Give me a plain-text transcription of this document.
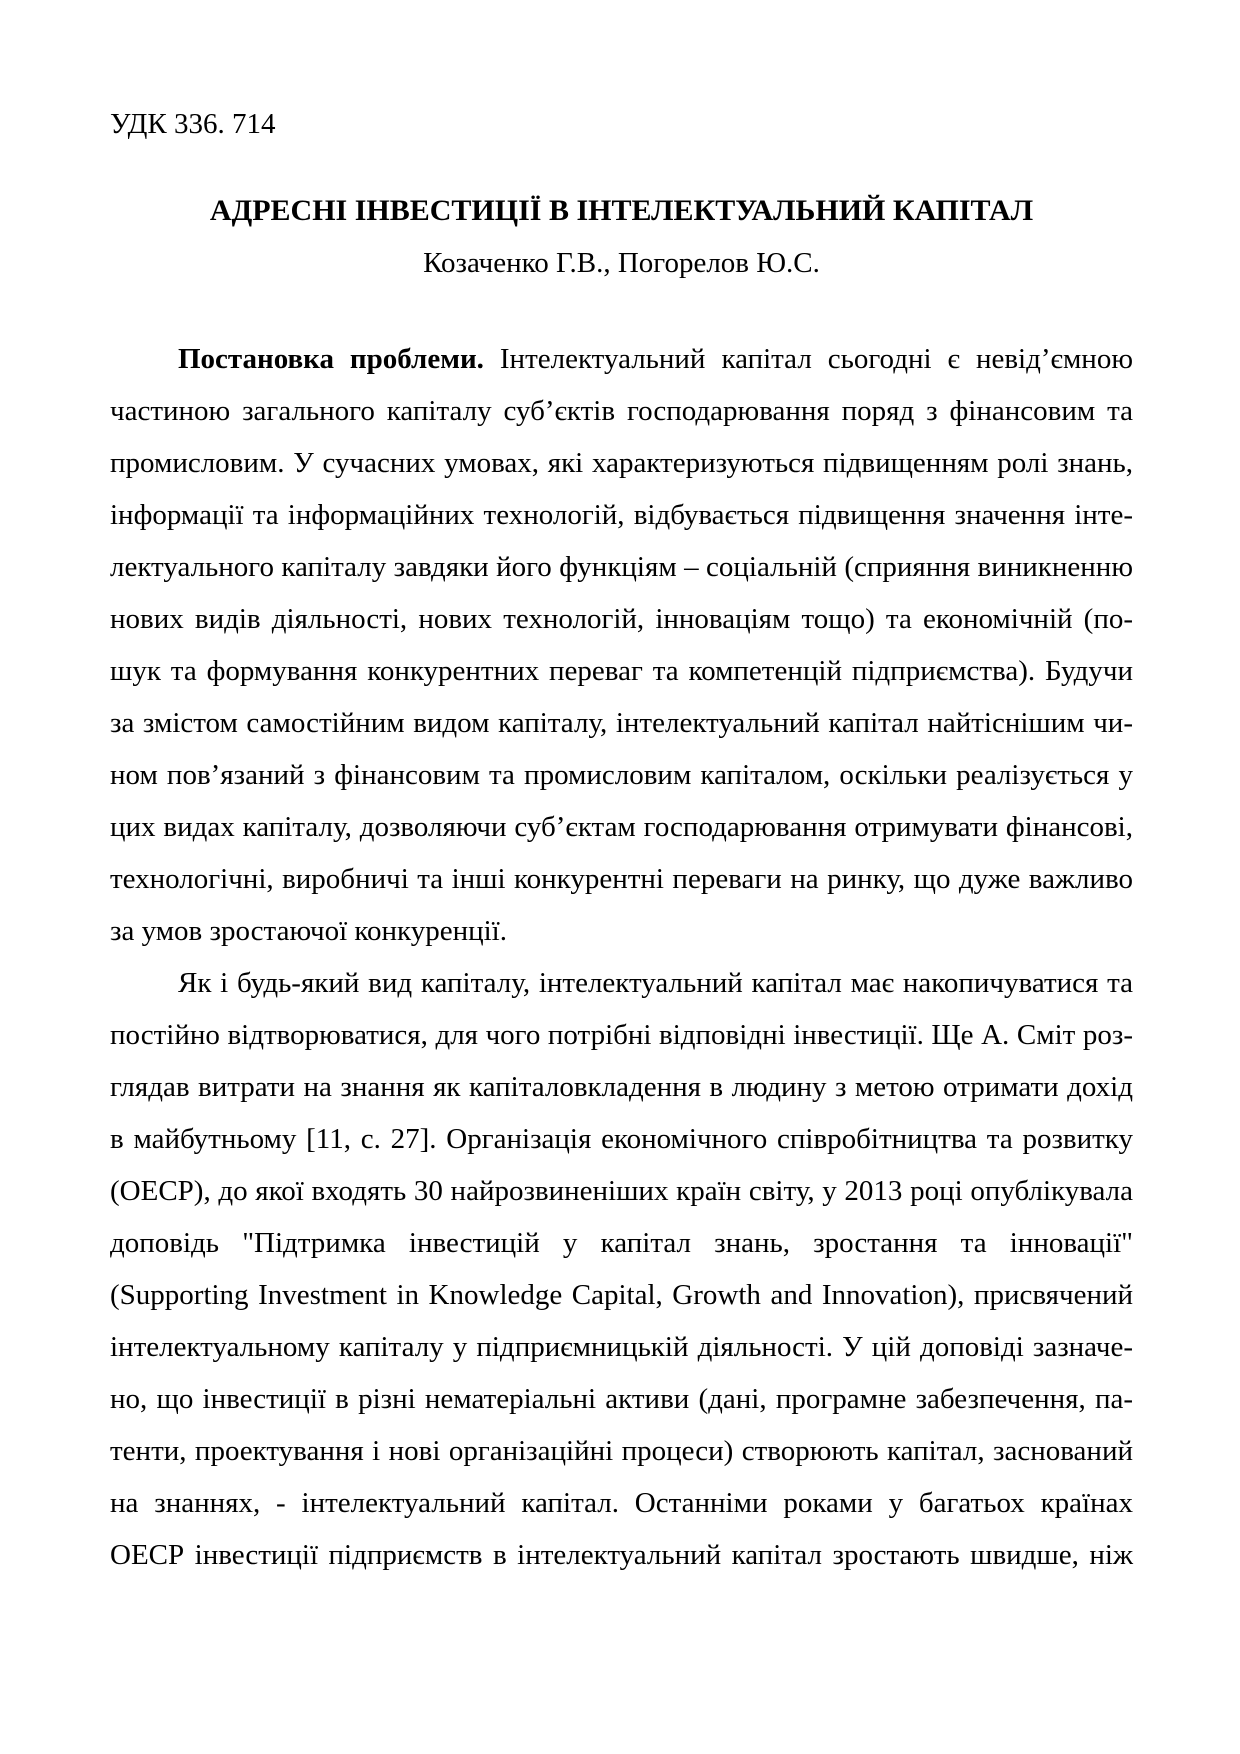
УДК 336. 714
АДРЕСНІ ІНВЕСТИЦІЇ В ІНТЕЛЕКТУАЛЬНИЙ КАПІТАЛ
Козаченко Г.В., Погорелов Ю.С.
Постановка проблеми. Інтелектуальний капітал сьогодні є невід’ємною
частиною загального капіталу суб’єктів господарювання поряд з фінансовим та
промисловим. У сучасних умовах, які характеризуються підвищенням ролі знань,
інформації та інформаційних технологій, відбувається підвищення значення інте-
лектуального капіталу завдяки його функціям – соціальній (сприяння виникненню
нових видів діяльності, нових технологій, інноваціям тощо) та економічній (по-
шук та формування конкурентних переваг та компетенцій підприємства). Будучи
за змістом самостійним видом капіталу, інтелектуальний капітал найтіснішим чи-
ном пов’язаний з фінансовим та промисловим капіталом, оскільки реалізується у
цих видах капіталу, дозволяючи суб’єктам господарювання отримувати фінансові,
технологічні, виробничі та інші конкурентні переваги на ринку, що дуже важливо
за умов зростаючої конкуренції.
Як і будь-який вид капіталу, інтелектуальний капітал має накопичуватися та
постійно відтворюватися, для чого потрібні відповідні інвестиції. Ще А. Сміт роз-
глядав витрати на знання як капіталовкладення в людину з метою отримати дохід
в майбутньому [11, с. 27]. Організація економічного співробітництва та розвитку
(ОЕСР), до якої входять 30 найрозвиненіших країн світу, у 2013 році опублікувала
доповідь "Підтримка інвестицій у капітал знань, зростання та інновації"
(Supporting Investment in Knowledge Capital, Growth and Innovation), присвячений
інтелектуальному капіталу у підприємницькій діяльності. У цій доповіді зазначе-
но, що інвестиції в різні нематеріальні активи (дані, програмне забезпечення, па-
тенти, проектування і нові організаційні процеси) створюють капітал, заснований
на знаннях, - інтелектуальний капітал. Останніми роками у багатьох країнах
ОЕСР інвестиції підприємств в інтелектуальний капітал зростають швидше, ніж
